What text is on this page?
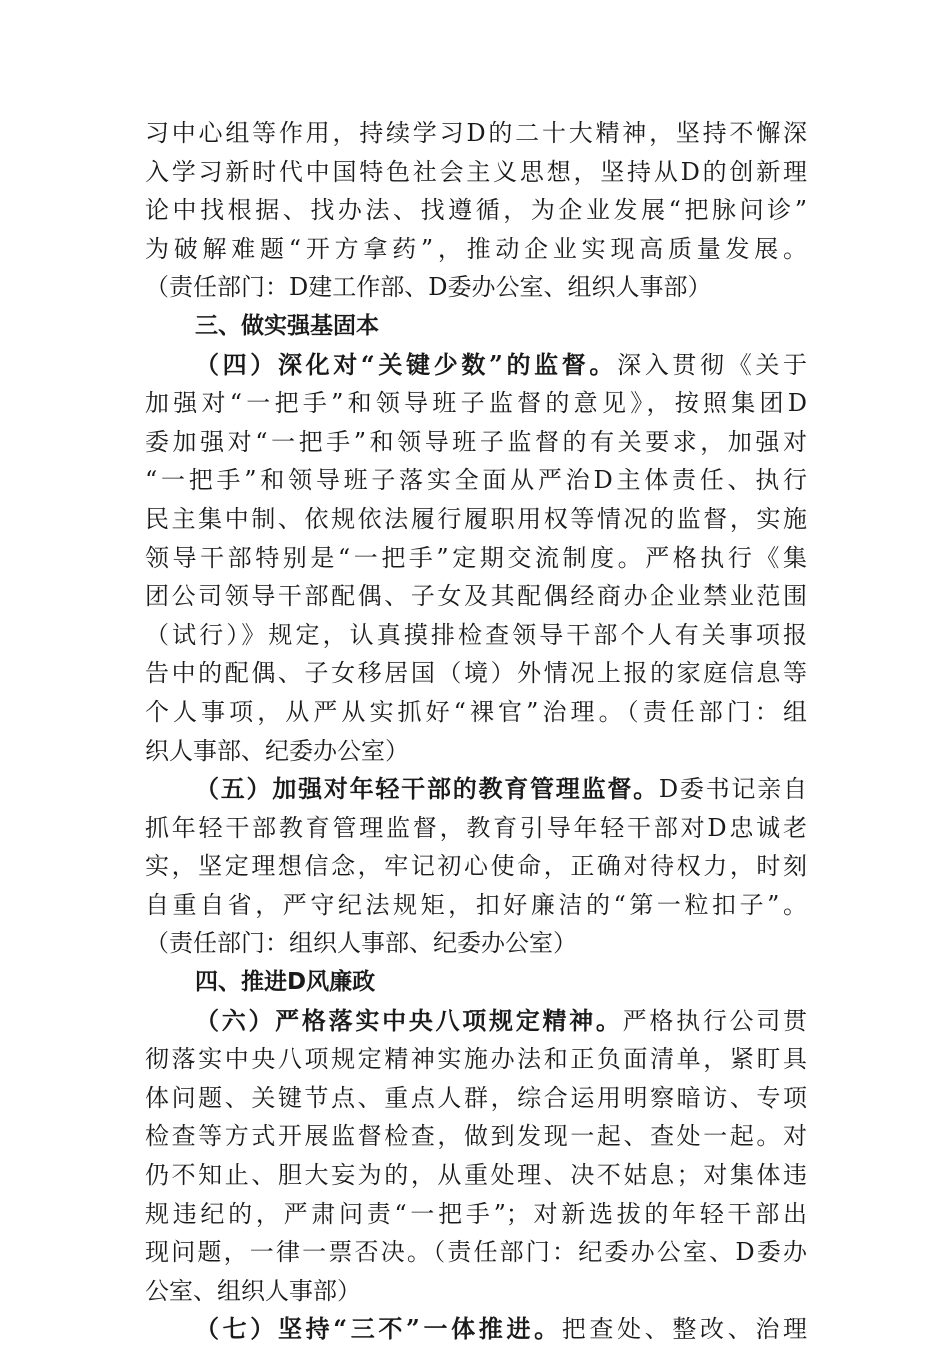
习中心组等作用，持续学习D的二十大精神，坚持不懈深
入学习新时代中国特色社会主义思想，坚持从D的创新理
论中找根据、找办法、找遵循，为企业发展“把脉问诊”
为破解难题“开方拿药”，推动企业实现高质量发展。
（责任部门：D建工作部、D委办公室、组织人事部）
三、做实强基固本
（四）深化对“关键少数”的监督。深入贯彻《关于
加强对“一把手”和领导班子监督的意见》，按照集团D
委加强对“一把手”和领导班子监督的有关要求，加强对
“一把手”和领导班子落实全面从严治D主体责任、执行
民主集中制、依规依法履行履职用权等情况的监督，实施
领导干部特别是“一把手”定期交流制度。严格执行《集
团公司领导干部配偶、子女及其配偶经商办企业禁业范围
（试行）》规定，认真摸排检查领导干部个人有关事项报
告中的配偶、子女移居国（境）外情况上报的家庭信息等
个人事项，从严从实抓好“裸官”治理。（责任部门：组
织人事部、纪委办公室）
（五）加强对年轻干部的教育管理监督。D委书记亲自
抓年轻干部教育管理监督，教育引导年轻干部对D忠诚老
实，坚定理想信念，牢记初心使命，正确对待权力，时刻
自重自省，严守纪法规矩，扣好廉洁的“第一粒扣子”。
（责任部门：组织人事部、纪委办公室）
四、推进D风廉政
（六）严格落实中央八项规定精神。严格执行公司贯
彻落实中央八项规定精神实施办法和正负面清单，紧盯具
体问题、关键节点、重点人群，综合运用明察暗访、专项
检查等方式开展监督检查，做到发现一起、查处一起。对
仍不知止、胆大妄为的，从重处理、决不姑息；对集体违
规违纪的，严肃问责“一把手”；对新选拔的年轻干部出
现问题，一律一票否决。（责任部门：纪委办公室、D委办
公室、组织人事部）
（七）坚持“三不”一体推进。把查处、整改、治理
